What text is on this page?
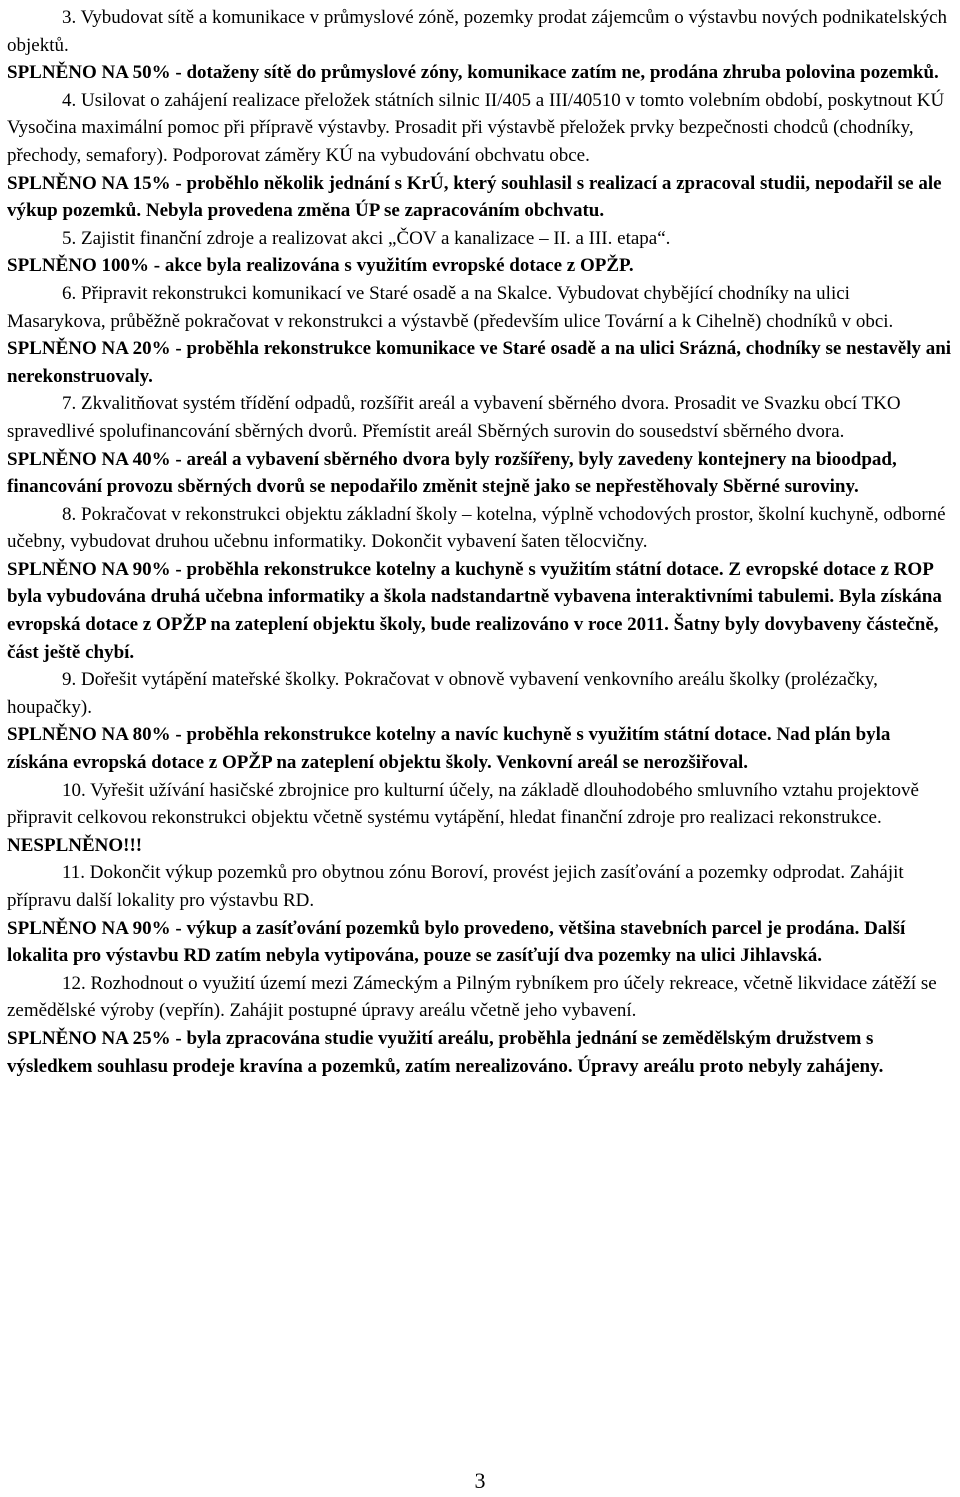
3. Vybudovat sítě a komunikace v průmyslové zóně, pozemky prodat zájemcům o výstavbu nových podnikatelských objektů.

SPLNĚNO NA 50% - dotaženy sítě do průmyslové zóny, komunikace zatím ne, prodána zhruba polovina pozemků.

4. Usilovat o zahájení realizace přeložek státních silnic II/405 a III/40510 v tomto volebním období, poskytnout KÚ Vysočina maximální pomoc při přípravě výstavby. Prosadit při výstavbě přeložek prvky bezpečnosti chodců (chodníky, přechody, semafory). Podporovat záměry KÚ na vybudování obchvatu obce.

SPLNĚNO NA 15% - proběhlo několik jednání s KrÚ, který souhlasil s realizací a zpracoval studii, nepodařil se ale výkup pozemků. Nebyla provedena změna ÚP se zapracováním obchvatu.

5. Zajistit finanční zdroje a realizovat akci „ČOV a kanalizace – II. a III. etapa“.

SPLNĚNO 100% - akce byla realizována s využitím evropské dotace z OPŽP.

6. Připravit rekonstrukci komunikací ve Staré osadě a na Skalce. Vybudovat chybějící chodníky na ulici Masarykova, průběžně pokračovat v rekonstrukci a výstavbě (především ulice Tovární a k Cihelně) chodníků v obci.

SPLNĚNO NA 20% - proběhla rekonstrukce komunikace ve Staré osadě a na ulici Srázná, chodníky se nestavěly ani nerekonstruovaly.

7. Zkvalitňovat systém třídění odpadů, rozšířit areál a vybavení sběrného dvora. Prosadit ve Svazku obcí TKO spravedlivé spolufinancování sběrných dvorů. Přemístit areál Sběrných surovin do sousedství sběrného dvora.

SPLNĚNO NA 40% - areál a vybavení sběrného dvora byly rozšířeny, byly zavedeny kontejnery na bioodpad, financování provozu sběrných dvorů se nepodařilo změnit stejně jako se nepřestěhovaly Sběrné suroviny.

8. Pokračovat v rekonstrukci objektu základní školy – kotelna, výplně vchodových prostor, školní kuchyně, odborné učebny, vybudovat druhou učebnu informatiky. Dokončit vybavení šaten tělocvičny.

SPLNĚNO NA 90% - proběhla rekonstrukce kotelny a kuchyně s využitím státní dotace. Z evropské dotace z ROP byla vybudována druhá učebna informatiky a škola nadstandartně vybavena interaktivními tabulemi. Byla získána evropská dotace z OPŽP na zateplení objektu školy, bude realizováno v roce 2011. Šatny byly dovybaveny částečně, část ještě chybí.

9. Dořešit vytápění mateřské školky. Pokračovat v obnově vybavení venkovního areálu školky (prolézačky, houpačky).

SPLNĚNO NA 80% - proběhla rekonstrukce kotelny a navíc kuchyně s využitím státní dotace. Nad plán byla získána evropská dotace z OPŽP na zateplení objektu školy. Venkovní areál se nerozšiřoval.

10. Vyřešit užívání hasičské zbrojnice pro kulturní účely, na základě dlouhodobého smluvního vztahu projektově připravit celkovou rekonstrukci objektu včetně systému vytápění, hledat finanční zdroje pro realizaci rekonstrukce.

NESPLNĚNO!!!

11. Dokončit výkup pozemků pro obytnou zónu Boroví, provést jejich zasíťování a pozemky odprodat. Zahájit přípravu další lokality pro výstavbu RD.

SPLNĚNO NA 90% - výkup a zasíťování pozemků bylo provedeno, většina stavebních parcel je prodána. Další lokalita pro výstavbu RD zatím nebyla vytipována, pouze se zasíťují dva pozemky na ulici Jihlavská.

12. Rozhodnout o využití území mezi Zámeckým a Pilným rybníkem pro účely rekreace, včetně likvidace zátěží se zemědělské výroby (vepřín). Zahájit postupné úpravy areálu včetně jeho vybavení.

SPLNĚNO NA 25% - byla zpracována studie využití areálu, proběhla jednání se zemědělským družstvem s výsledkem souhlasu prodeje kravína a pozemků, zatím nerealizováno. Úpravy areálu proto nebyly zahájeny.

3
